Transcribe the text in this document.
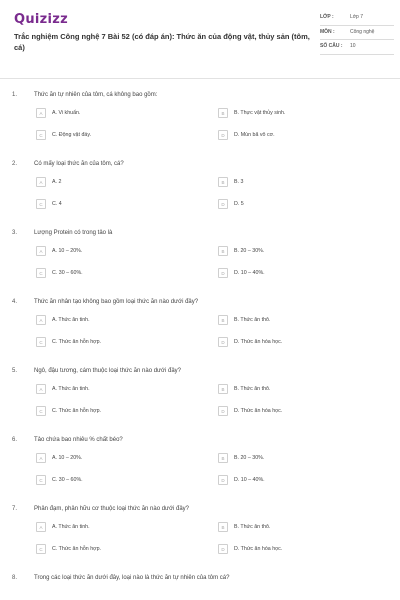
Quizizz
Trắc nghiệm Công nghệ 7 Bài 52 (có đáp án): Thức ăn của động vật, thủy sản (tôm, cá)
LỚP :	Lớp 7
MÔN :	Công nghệ
SỐ CÂU :	10
1.	Thức ăn tự nhiên của tôm, cá không bao gồm:
A	A. Vi khuẩn.	B	B. Thực vật thủy sinh.
C	C. Động vật đáy.	D	D. Mùn bã vô cơ.
2.	Có mấy loại thức ăn của tôm, cá?
A	A. 2	B	B. 3
C	C. 4	D	D. 5
3.	Lượng Protein có trong tảo là
A	A. 10 – 20%.	B	B. 20 – 30%.
C	C. 30 – 60%.	D	D. 10 – 40%.
4.	Thức ăn nhân tạo không bao gồm loại thức ăn nào dưới đây?
A	A. Thức ăn tinh.	B	B. Thức ăn thô.
C	C. Thức ăn hỗn hợp.	D	D. Thức ăn hóa học.
5.	Ngô, đậu tương, cám thuộc loại thức ăn nào dưới đây?
A	A. Thức ăn tinh.	B	B. Thức ăn thô.
C	C. Thức ăn hỗn hợp.	D	D. Thức ăn hóa học.
6.	Tảo chứa bao nhiêu % chất béo?
A	A. 10 – 20%.	B	B. 20 – 30%.
C	C. 30 – 60%.	D	D. 10 – 40%.
7.	Phân đạm, phân hữu cơ thuộc loại thức ăn nào dưới đây?
A	A. Thức ăn tinh.	B	B. Thức ăn thô.
C	C. Thức ăn hỗn hợp.	D	D. Thức ăn hóa học.
8.	Trong các loại thức ăn dưới đây, loại nào là thức ăn tự nhiên của tôm cá?
